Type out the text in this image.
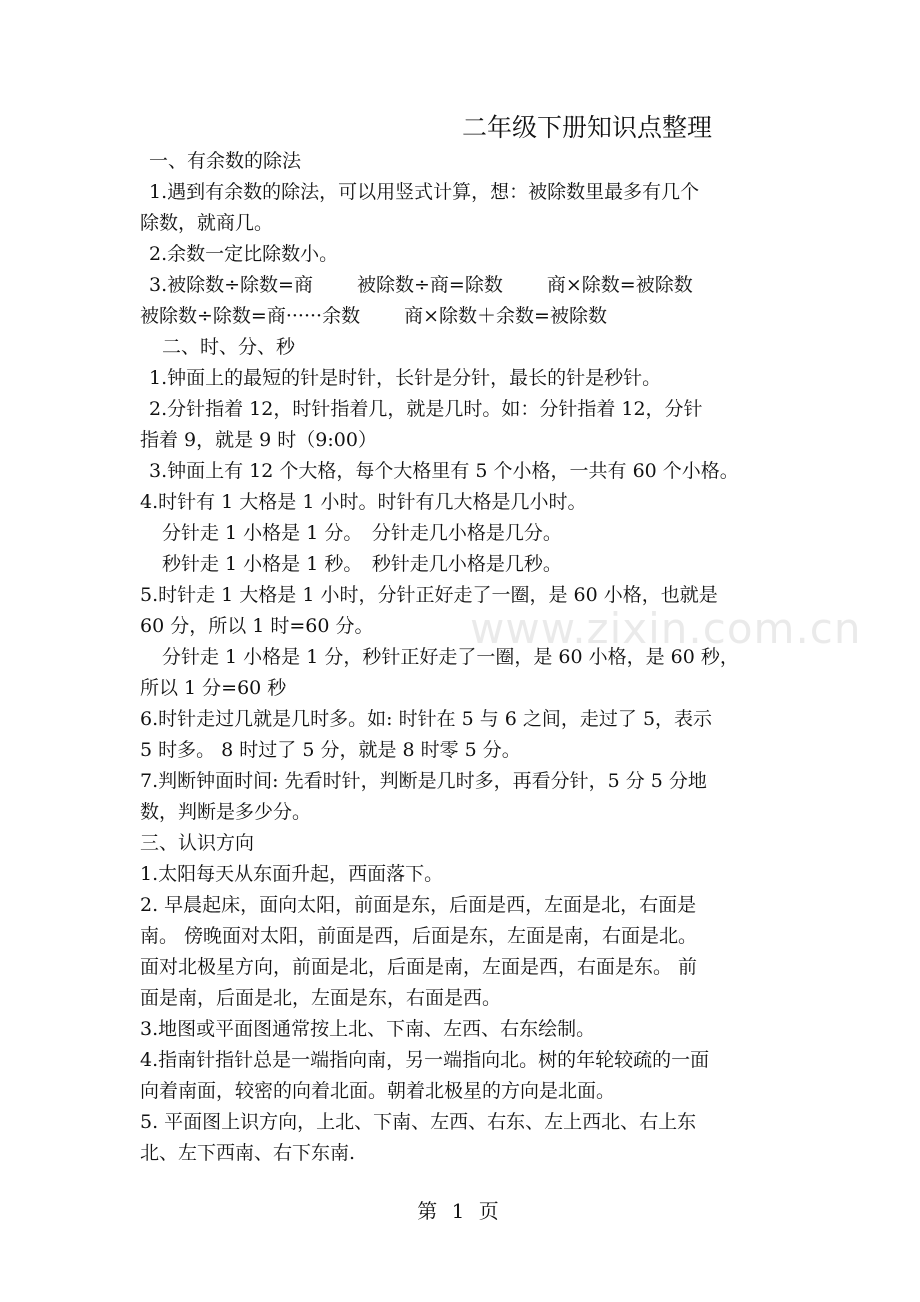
二年级下册知识点整理
一、有余数的除法
1.遇到有余数的除法，可以用竖式计算，想：被除数里最多有几个
除数，就商几。
2.余数一定比除数小。
3.被除数÷除数=商　　 被除数÷商=除数　　 商×除数=被除数
被除数÷除数=商······余数　　 商×除数＋余数=被除数
二、时、分、秒
1.钟面上的最短的针是时针，长针是分针，最长的针是秒针。
2.分针指着 12，时针指着几，就是几时。如：分针指着 12，分针
指着 9，就是 9 时（9:00）
3.钟面上有 12 个大格，每个大格里有 5 个小格，一共有 60 个小格。
4.时针有 1 大格是 1 小时。时针有几大格是几小时。
分针走 1 小格是 1 分。　分针走几小格是几分。
秒针走 1 小格是 1 秒。　秒针走几小格是几秒。
5.时针走 1 大格是 1 小时，分针正好走了一圈，是 60 小格，也就是
60 分，所以 1 时=60 分。
分针走 1 小格是 1 分，秒针正好走了一圈，是 60 小格，是 60 秒，
所以 1 分=60 秒
6.时针走过几就是几时多。如: 时针在 5 与 6 之间，走过了 5，表示
5 时多。 8 时过了 5 分，就是 8 时零 5 分。
7.判断钟面时间: 先看时针，判断是几时多，再看分针，5 分 5 分地
数，判断是多少分。
三、认识方向
1.太阳每天从东面升起，西面落下。
2. 早晨起床，面向太阳，前面是东，后面是西，左面是北，右面是
南。 傍晚面对太阳，前面是西，后面是东，左面是南，右面是北。
面对北极星方向，前面是北，后面是南，左面是西，右面是东。 前
面是南，后面是北，左面是东，右面是西。
3.地图或平面图通常按上北、下南、左西、右东绘制。
4.指南针指针总是一端指向南，另一端指向北。树的年轮较疏的一面
向着南面，较密的向着北面。朝着北极星的方向是北面。
5. 平面图上识方向，上北、下南、左西、右东、左上西北、右上东
北、左下西南、右下东南.
www.zixin.com.cn
第 1 页
